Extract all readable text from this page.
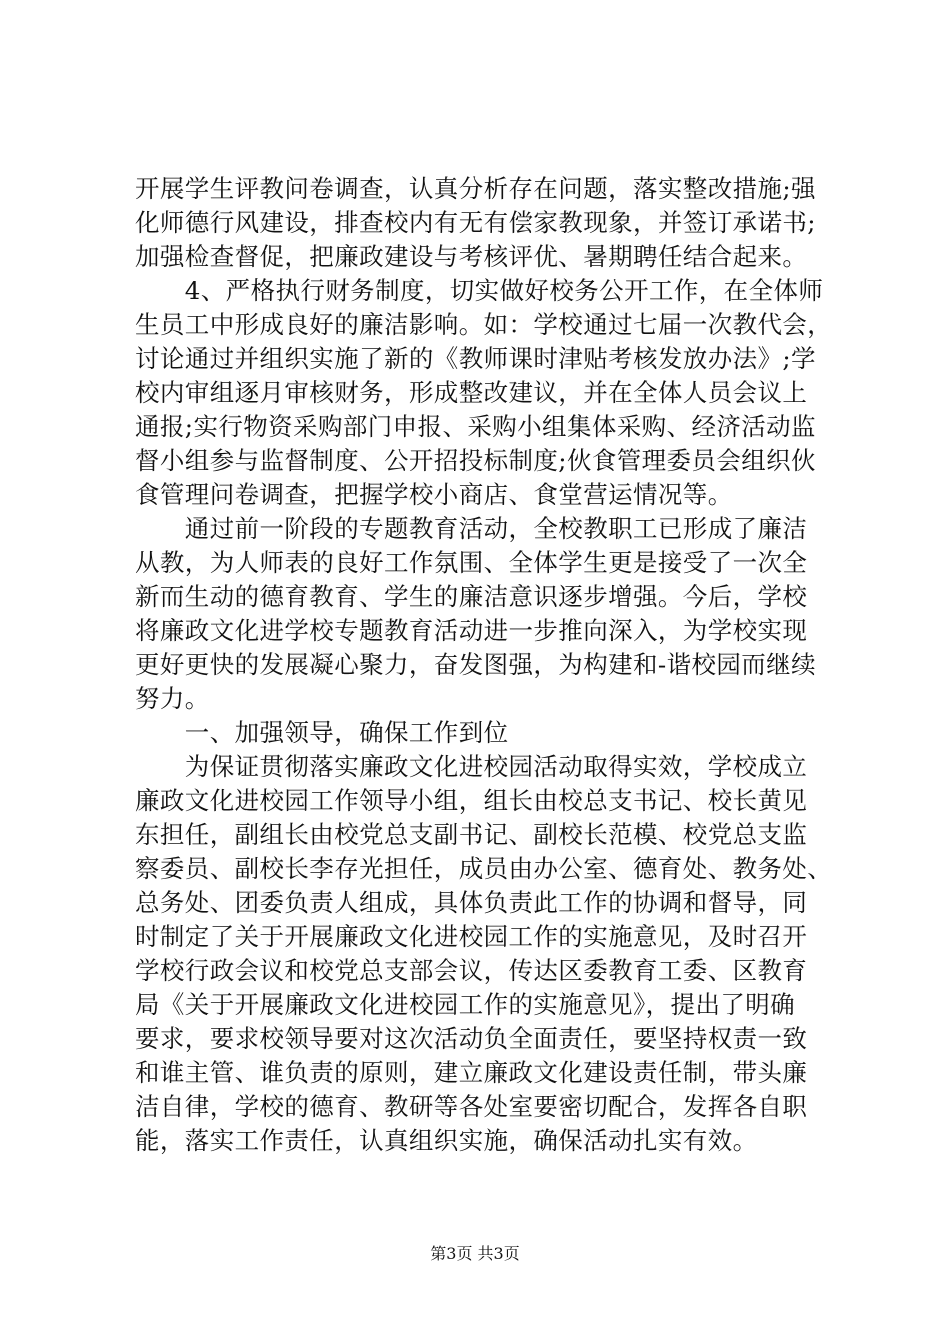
开展学生评教问卷调查，认真分析存在问题，落实整改措施;强
化师德行风建设，排查校内有无有偿家教现象，并签订承诺书;
加强检查督促，把廉政建设与考核评优、暑期聘任结合起来。
　　4、严格执行财务制度，切实做好校务公开工作，在全体师
生员工中形成良好的廉洁影响。如：学校通过七届一次教代会，
讨论通过并组织实施了新的《教师课时津贴考核发放办法》;学
校内审组逐月审核财务，形成整改建议，并在全体人员会议上
通报;实行物资采购部门申报、采购小组集体采购、经济活动监
督小组参与监督制度、公开招投标制度;伙食管理委员会组织伙
食管理问卷调查，把握学校小商店、食堂营运情况等。
　　通过前一阶段的专题教育活动，全校教职工已形成了廉洁
从教，为人师表的良好工作氛围、全体学生更是接受了一次全
新而生动的德育教育、学生的廉洁意识逐步增强。今后，学校
将廉政文化进学校专题教育活动进一步推向深入，为学校实现
更好更快的发展凝心聚力，奋发图强，为构建和-谐校园而继续
努力。
　　一、加强领导，确保工作到位
　　为保证贯彻落实廉政文化进校园活动取得实效，学校成立
廉政文化进校园工作领导小组，组长由校总支书记、校长黄见
东担任，副组长由校党总支副书记、副校长范模、校党总支监
察委员、副校长李存光担任，成员由办公室、德育处、教务处、
总务处、团委负责人组成，具体负责此工作的协调和督导，同
时制定了关于开展廉政文化进校园工作的实施意见，及时召开
学校行政会议和校党总支部会议，传达区委教育工委、区教育
局《关于开展廉政文化进校园工作的实施意见》，提出了明确
要求，要求校领导要对这次活动负全面责任，要坚持权责一致
和谁主管、谁负责的原则，建立廉政文化建设责任制，带头廉
洁自律，学校的德育、教研等各处室要密切配合，发挥各自职
能，落实工作责任，认真组织实施，确保活动扎实有效。
第3页 共3页
